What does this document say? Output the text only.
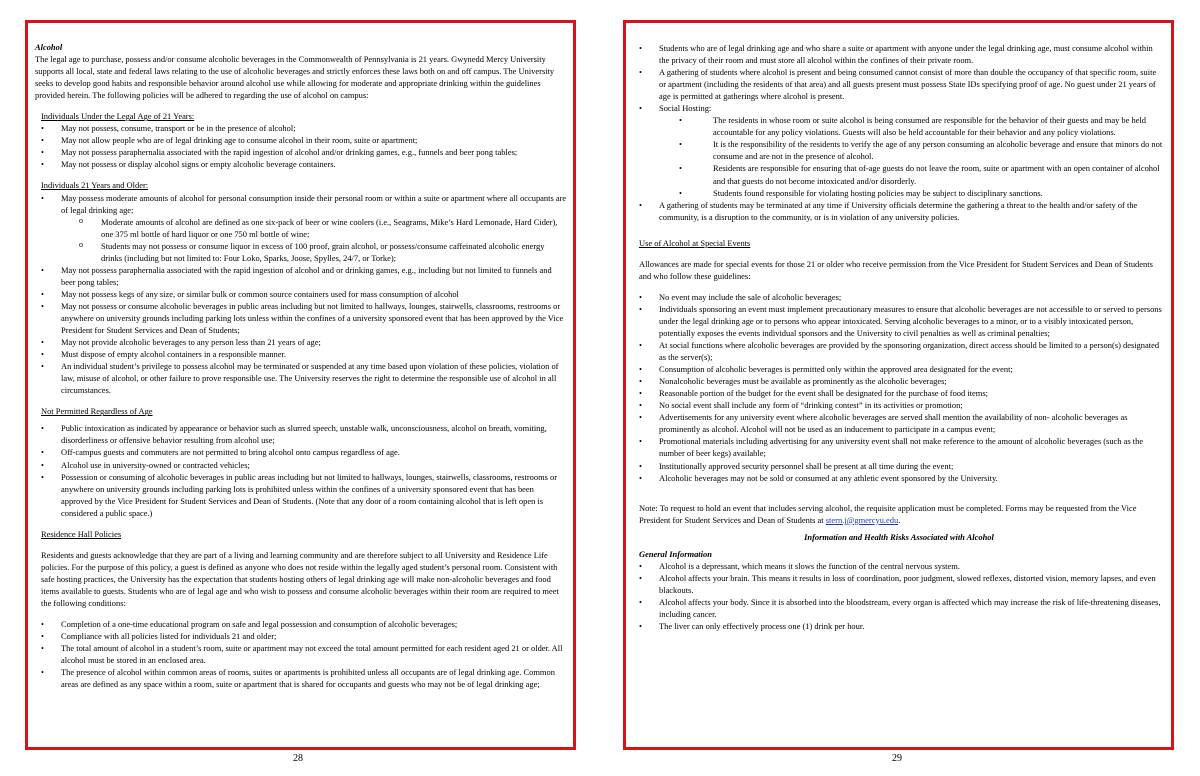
Alcohol

The legal age to purchase, possess and/or consume alcoholic beverages in the Commonwealth of Pennsylvania is 21 years. Gwynedd Mercy University supports all local, state and federal laws relating to the use of alcoholic beverages and strictly enforces these laws both on and off campus. The University seeks to develop good habits and responsible behavior around alcohol use while allowing for moderate and appropriate drinking within the guidelines provided herein. The following policies will be adhered to regarding the use of alcohol on campus:

Individuals Under the Legal Age of 21 Years:

• May not possess, consume, transport or be in the presence of alcohol;
• May not allow people who are of legal drinking age to consume alcohol in their room, suite or apartment;
• May not possess paraphernalia associated with the rapid ingestion of alcohol and/or drinking games, e.g., funnels and beer pong tables;
• May not possess or display alcohol signs or empty alcoholic beverage containers.

Individuals 21 Years and Older:

• May possess moderate amounts of alcohol for personal consumption inside their personal room or within a suite or apartment where all occupants are of legal drinking age;
o Moderate amounts of alcohol are defined as one six-pack of beer or wine coolers (i.e., Seagrams, Mike’s Hard Lemonade, Hard Cider), one 375 ml bottle of hard liquor or one 750 ml bottle of wine;
o Students may not possess or consume liquor in excess of 100 proof, grain alcohol, or possess/consume caffeinated alcoholic energy drinks (including but not limited to: Four Loko, Sparks, Joose, Spylles, 24/7, or Torke);
• May not possess paraphernalia associated with the rapid ingestion of alcohol and or drinking games, e.g., including but not limited to funnels and beer pong tables;
• May not possess kegs of any size, or similar bulk or common source containers used for mass consumption of alcohol
• May not possess or consume alcoholic beverages in public areas including but not limited to hallways, lounges, stairwells, classrooms, restrooms or anywhere on university grounds including parking lots unless within the confines of a university sponsored event that has been approved by the Vice President for Student Services and Dean of Students;
• May not provide alcoholic beverages to any person less than 21 years of age;
• Must dispose of empty alcohol containers in a responsible manner.
• An individual student’s privilege to possess alcohol may be terminated or suspended at any time based upon violation of these policies, violation of law, misuse of alcohol, or other failure to prove responsible use. The University reserves the right to determine the responsible use of alcohol in all circumstances.

Not Permitted Regardless of Age

• Public intoxication as indicated by appearance or behavior such as slurred speech, unstable walk, unconsciousness, alcohol on breath, vomiting, disorderliness or offensive behavior resulting from alcohol use;
• Off-campus guests and commuters are not permitted to bring alcohol onto campus regardless of age.
• Alcohol use in university-owned or contracted vehicles;
• Possession or consuming of alcoholic beverages in public areas including but not limited to hallways, lounges, stairwells, classrooms, restrooms or anywhere on university grounds including parking lots is prohibited unless within the confines of a university sponsored event that has been approved by the Vice President for Student Services and Dean of Students. (Note that any door of a room containing alcohol that is left open is considered a public space.)

Residence Hall Policies

Residents and guests acknowledge that they are part of a living and learning community and are therefore subject to all University and Residence Life policies. For the purpose of this policy, a guest is defined as anyone who does not reside within the legally aged student’s personal room. Consistent with safe hosting practices, the University has the expectation that students hosting others of legal drinking age will make non-alcoholic beverages and food items available to guests. Students who are of legal age and who wish to possess and consume alcoholic beverages within their room are required to meet the following conditions:

• Completion of a one-time educational program on safe and legal possession and consumption of alcoholic beverages;
• Compliance with all policies listed for individuals 21 and older;
• The total amount of alcohol in a student’s room, suite or apartment may not exceed the total amount permitted for each resident aged 21 or older. All alcohol must be stored in an enclosed area.
• The presence of alcohol within common areas of rooms, suites or apartments is prohibited unless all occupants are of legal drinking age. Common areas are defined as any space within a room, suite or apartment that is shared for occupants and guests who may not be of legal drinking age;
28
• Students who are of legal drinking age and who share a suite or apartment with anyone under the legal drinking age, must consume alcohol within the privacy of their room and must store all alcohol within the confines of their private room.
• A gathering of students where alcohol is present and being consumed cannot consist of more than double the occupancy of that specific room, suite or apartment (including the residents of that area) and all guests present must possess State IDs specifying proof of age. No guest under 21 years of age is permitted at gatherings where alcohol is present.
• Social Hosting:
• The residents in whose room or suite alcohol is being consumed are responsible for the behavior of their guests and may be held accountable for any policy violations. Guests will also be held accountable for their behavior and any policy violations.
• It is the responsibility of the residents to verify the age of any person consuming an alcoholic beverage and ensure that minors do not consume and are not in the presence of alcohol.
• Residents are responsible for ensuring that of-age guests do not leave the room, suite or apartment with an open container of alcohol and that guests do not become intoxicated and/or disorderly.
• Students found responsible for violating hosting policies may be subject to disciplinary sanctions.
• A gathering of students may be terminated at any time if University officials determine the gathering a threat to the health and/or safety of the community, is a disruption to the community, or is in violation of any university policies.

Use of Alcohol at Special Events

Allowances are made for special events for those 21 or older who receive permission from the Vice President for Student Services and Dean of Students and who follow these guidelines:

• No event may include the sale of alcoholic beverages;
• Individuals sponsoring an event must implement precautionary measures to ensure that alcoholic beverages are not accessible to or served to persons under the legal drinking age or to persons who appear intoxicated. Serving alcoholic beverages to a minor, or to a visibly intoxicated person, potentially exposes the events individual sponsors and the University to civil penalties as well as criminal penalties;
• At social functions where alcoholic beverages are provided by the sponsoring organization, direct access should be limited to a person(s) designated as the server(s);
• Consumption of alcoholic beverages is permitted only within the approved area designated for the event;
• Nonalcoholic beverages must be available as prominently as the alcoholic beverages;
• Reasonable portion of the budget for the event shall be designated for the purchase of food items;
• No social event shall include any form of “drinking contest” in its activities or promotion;
• Advertisements for any university event where alcoholic beverages are served shall mention the availability of non- alcoholic beverages as prominently as alcohol. Alcohol will not be used as an inducement to participate in a campus event;
• Promotional materials including advertising for any university event shall not make reference to the amount of alcoholic beverages (such as the number of beer kegs) available;
• Institutionally approved security personnel shall be present at all time during the event;
• Alcoholic beverages may not be sold or consumed at any athletic event sponsored by the University.

Note: To request to hold an event that includes serving alcohol, the requisite application must be completed. Forms may be requested from the Vice President for Student Services and Dean of Students at stern.j@gmercyu.edu.

Information and Health Risks Associated with Alcohol

General Information

• Alcohol is a depressant, which means it slows the function of the central nervous system.
• Alcohol affects your brain. This means it results in loss of coordination, poor judgment, slowed reflexes, distorted vision, memory lapses, and even blackouts.
• Alcohol affects your body. Since it is absorbed into the bloodstream, every organ is affected which may increase the risk of life-threatening diseases, including cancer.
• The liver can only effectively process one (1) drink per hour.
29
